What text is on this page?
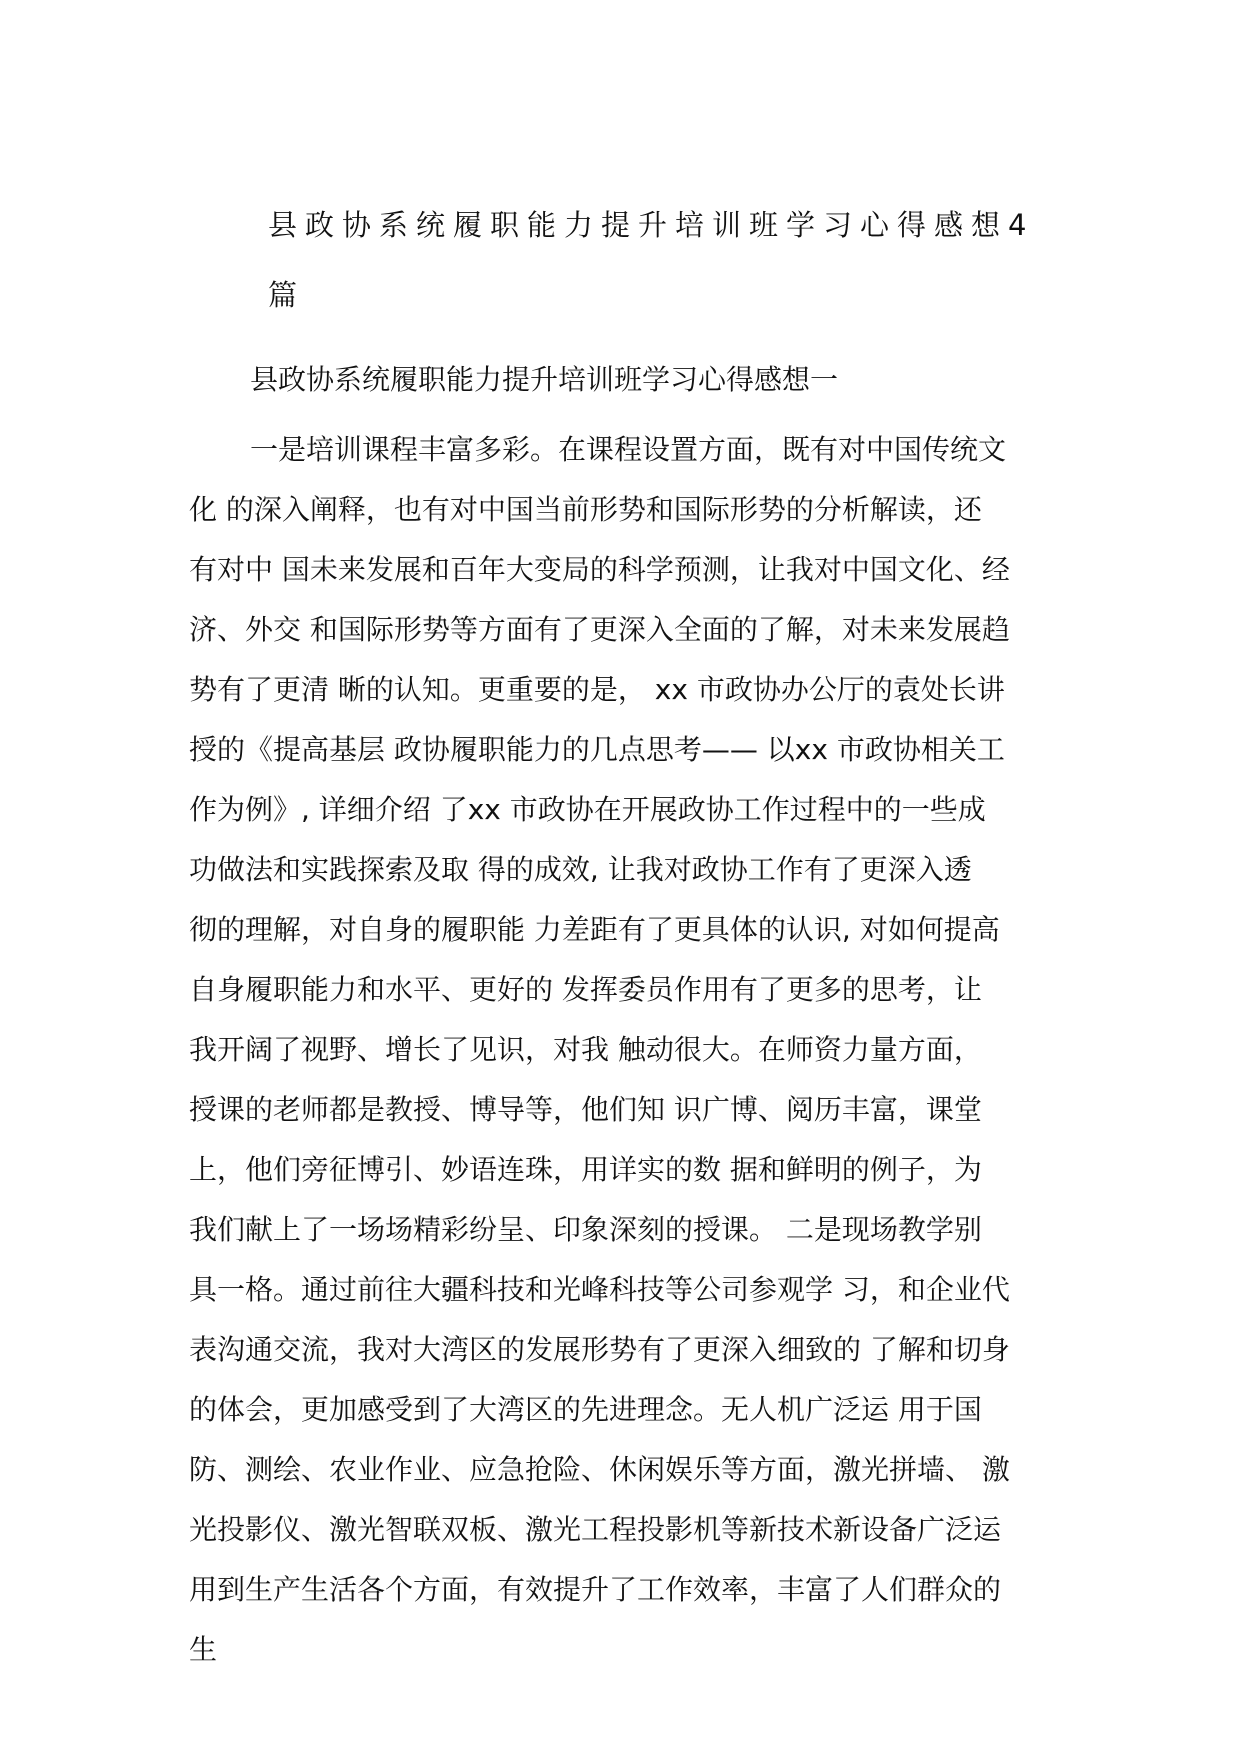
县政协系统履职能力提升培训班学习心得感想4
篇

县政协系统履职能力提升培训班学习心得感想一

一是培训课程丰富多彩。在课程设置方面，既有对中国传统文
化 的深入阐释，也有对中国当前形势和国际形势的分析解读，还
有对中 国未来发展和百年大变局的科学预测，让我对中国文化、经
济、外交 和国际形势等方面有了更深入全面的了解，对未来发展趋
势有了更清 晰的认知。更重要的是， xx 市政协办公厅的袁处长讲
授的《提高基层 政协履职能力的几点思考—— 以xx 市政协相关工
作为例》, 详细介绍 了xx 市政协在开展政协工作过程中的一些成
功做法和实践探索及取 得的成效, 让我对政协工作有了更深入透
彻的理解，对自身的履职能 力差距有了更具体的认识, 对如何提高
自身履职能力和水平、更好的 发挥委员作用有了更多的思考，让
我开阔了视野、增长了见识，对我 触动很大。在师资力量方面，
授课的老师都是教授、博导等，他们知 识广博、阅历丰富，课堂
上，他们旁征博引、妙语连珠，用详实的数 据和鲜明的例子，为
我们献上了一场场精彩纷呈、印象深刻的授课。 二是现场教学别
具一格。通过前往大疆科技和光峰科技等公司参观学 习，和企业代
表沟通交流，我对大湾区的发展形势有了更深入细致的 了解和切身
的体会，更加感受到了大湾区的先进理念。无人机广泛运 用于国
防、测绘、农业作业、应急抢险、休闲娱乐等方面，激光拼墙、 激
光投影仪、激光智联双板、激光工程投影机等新技术新设备广泛运
用到生产生活各个方面，有效提升了工作效率，丰富了人们群众的
生
